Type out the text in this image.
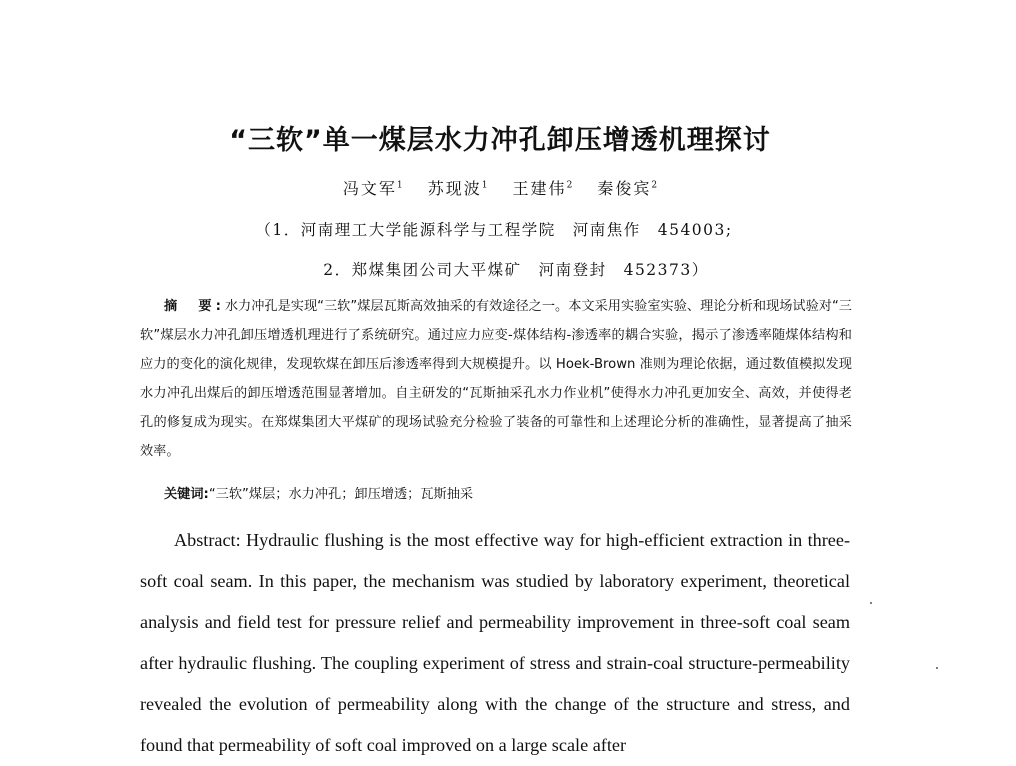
“三软”单一煤层水力冲孔卸压增透机理探讨
冯文军$^1$ 苏现波$^1$ 王建伟$^2$ 秦俊宾$^2$
（1．河南理工大学能源科学与工程学院　河南焦作　454003;
2．郑煤集团公司大平煤矿　河南登封　452373）
摘　要:水力冲孔是实现“三软”煤层瓦斯高效抽采的有效途径之一。本文采用实验室实验、理论分析和现场试验对“三软”煤层水力冲孔卸压增透机理进行了系统研究。通过应力应变-煤体结构-渗透率的耦合实验，揭示了渗透率随煤体结构和应力的变化的演化规律，发现软煤在卸压后渗透率得到大规模提升。以 Hoek-Brown 准则为理论依据，通过数值模拟发现水力冲孔出煤后的卸压增透范围显著增加。自主研发的“瓦斯抽采孔水力作业机”使得水力冲孔更加安全、高效，并使得老孔的修复成为现实。在郑煤集团大平煤矿的现场试验充分检验了装备的可靠性和上述理论分析的准确性，显著提高了抽采效率。
关键词:“三软”煤层；水力冲孔；卸压增透；瓦斯抽采
Abstract: Hydraulic flushing is the most effective way for high-efficient extraction in three-soft coal seam. In this paper, the mechanism was studied by laboratory experiment, theoretical analysis and field test for pressure relief and permeability improvement in three-soft coal seam after hydraulic flushing. The coupling experiment of stress and strain-coal structure-permeability revealed the evolution of permeability along with the change of the structure and stress, and found that permeability of soft coal improved on a large scale after
